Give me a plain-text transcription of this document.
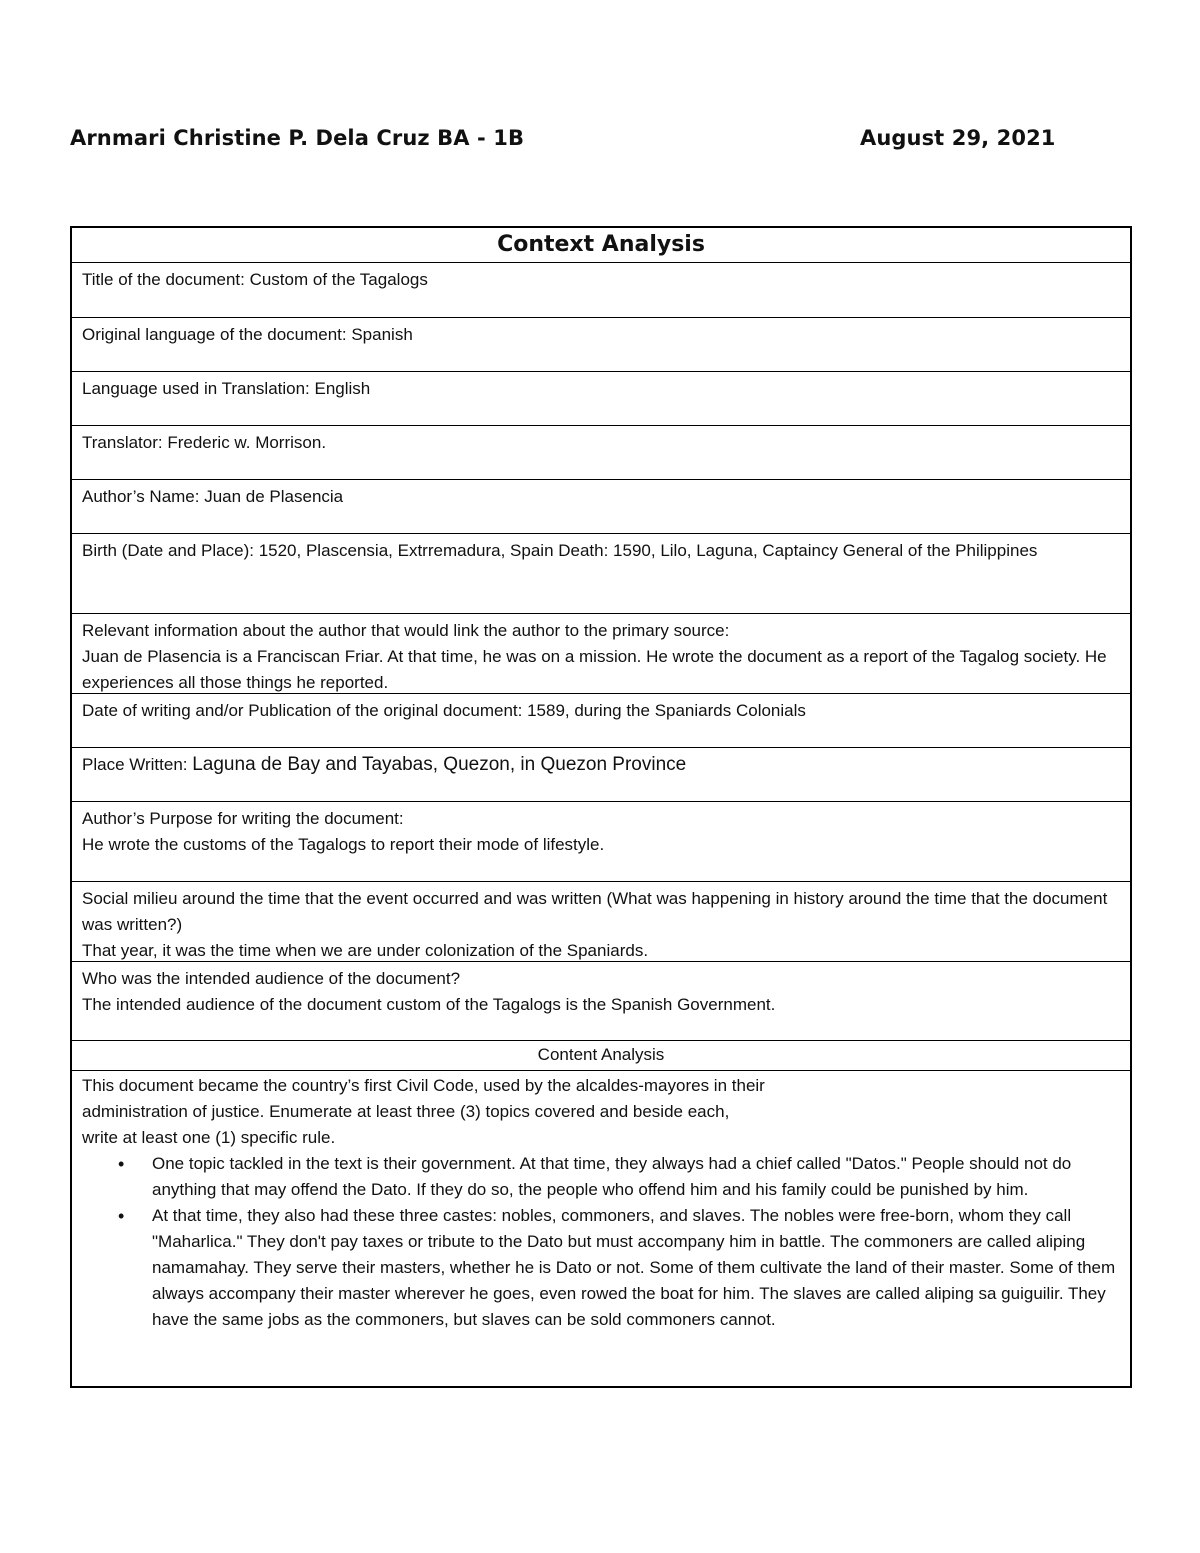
Arnmari Christine P. Dela Cruz BA - 1B	August 29, 2021
Context Analysis
Title of the document: Custom of the Tagalogs
Original language of the document: Spanish
Language used in Translation: English
Translator: Frederic w. Morrison.
Author’s Name: Juan de Plasencia
Birth (Date and Place): 1520, Plascensia, Extrremadura, Spain Death: 1590, Lilo, Laguna, Captaincy General of the Philippines
Relevant information about the author that would link the author to the primary source:
Juan de Plasencia is a Franciscan Friar. At that time, he was on a mission. He wrote the document as a report of the Tagalog society. He experiences all those things he reported.
Date of writing and/or Publication of the original document: 1589, during the Spaniards Colonials
Place Written: Laguna de Bay and Tayabas, Quezon, in Quezon Province
Author’s Purpose for writing the document:
He wrote the customs of the Tagalogs to report their mode of lifestyle.
Social milieu around the time that the event occurred and was written (What was happening in history around the time that the document was written?)
That year, it was the time when we are under colonization of the Spaniards.
Who was the intended audience of the document?
The intended audience of the document custom of the Tagalogs is the Spanish Government.
Content Analysis
This document became the country’s first Civil Code, used by the alcaldes-mayores in their
administration of justice. Enumerate at least three (3) topics covered and beside each,
write at least one (1) specific rule.
• One topic tackled in the text is their government. At that time, they always had a chief called "Datos." People should not do anything that may offend the Dato. If they do so, the people who offend him and his family could be punished by him.
• At that time, they also had these three castes: nobles, commoners, and slaves. The nobles were free-born, whom they call "Maharlica." They don't pay taxes or tribute to the Dato but must accompany him in battle. The commoners are called aliping namamahay. They serve their masters, whether he is Dato or not. Some of them cultivate the land of their master. Some of them always accompany their master wherever he goes, even rowed the boat for him. The slaves are called aliping sa guiguilir. They have the same jobs as the commoners, but slaves can be sold commoners cannot.
